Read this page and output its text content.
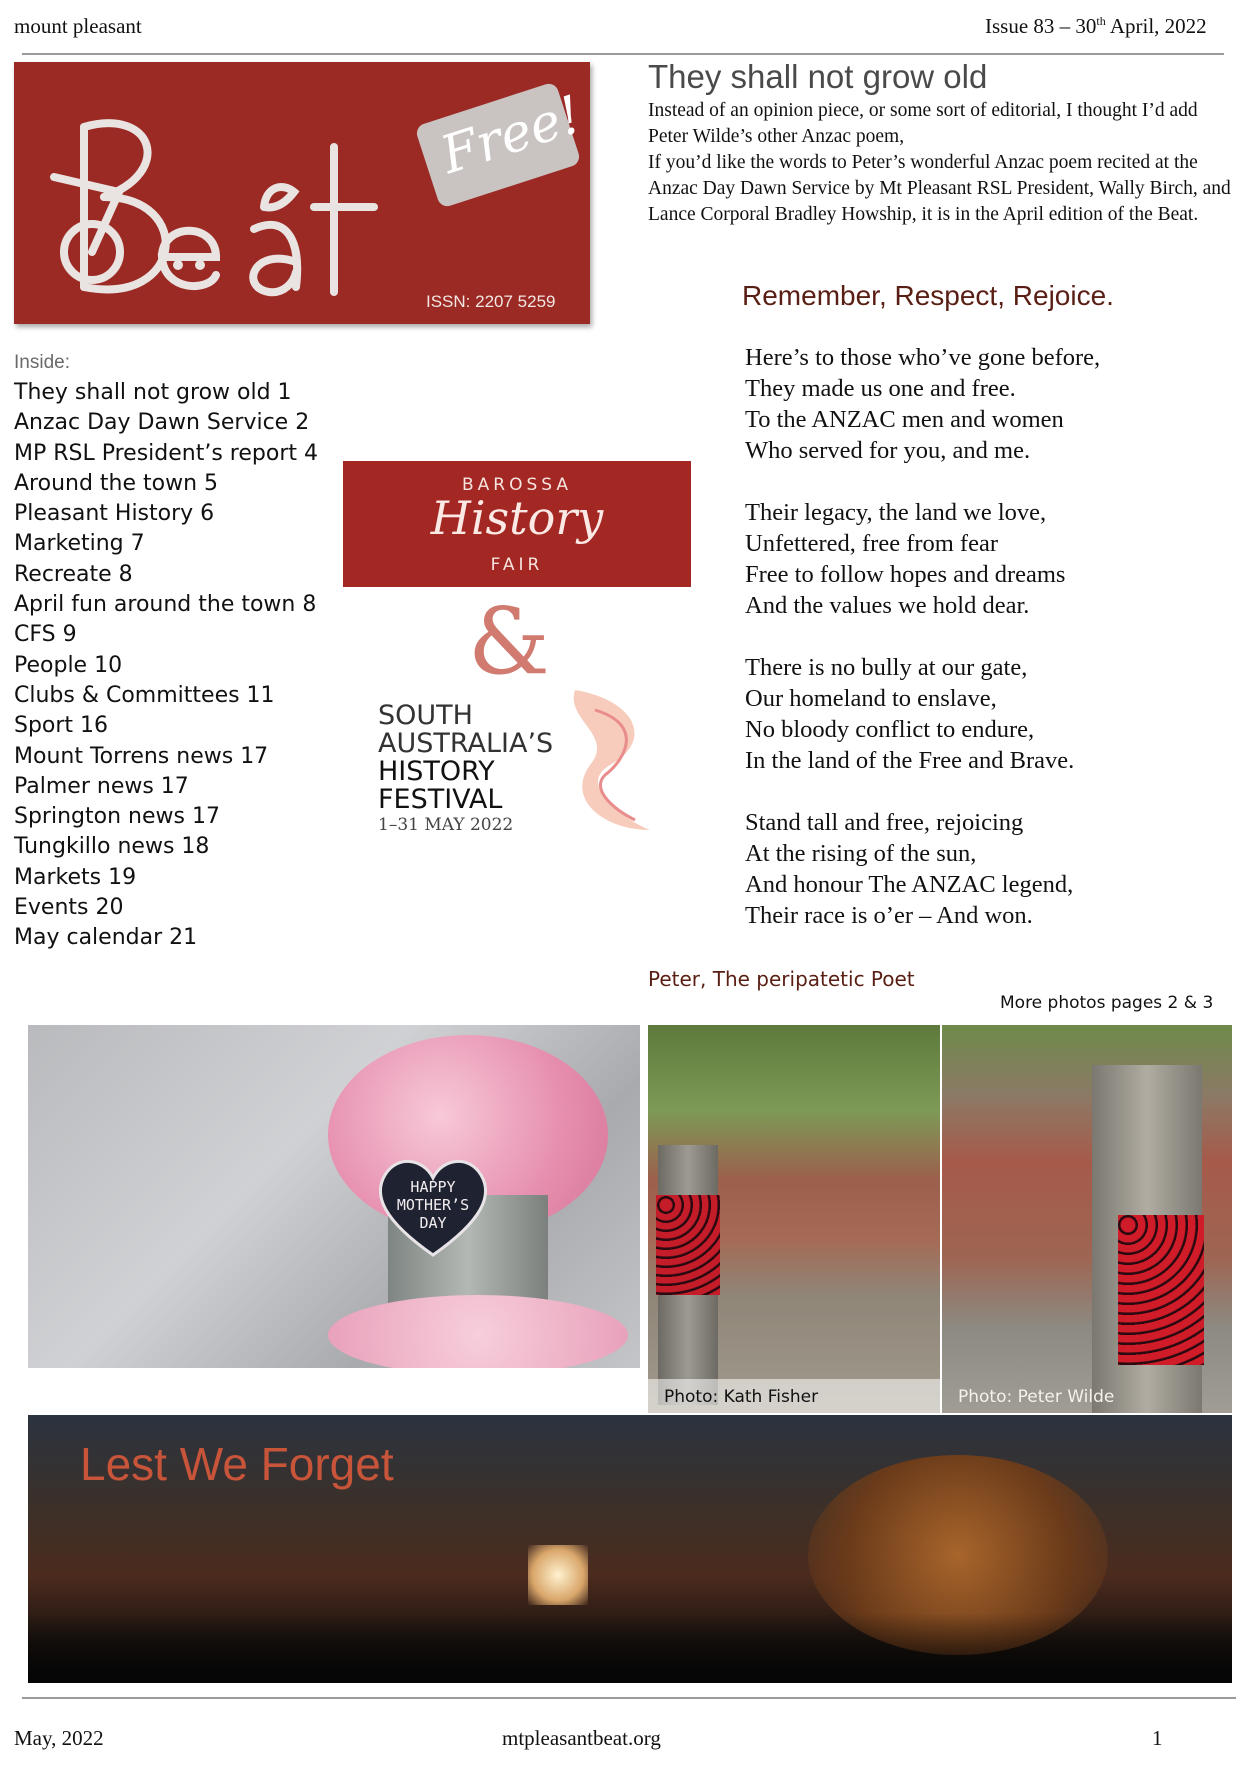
mount pleasant	Issue 83 – 30th April, 2022
Free!
ISSN: 2207 5259
Inside:
They shall not grow old 1
Anzac Day Dawn Service 2
MP RSL President’s report 4
Around the town 5
Pleasant History 6
Marketing 7
Recreate 8
April fun around the town 8
CFS 9
People 10
Clubs & Committees 11
Sport 16
Mount Torrens news 17
Palmer news 17
Springton news 17
Tungkillo news 18
Markets 19
Events 20
May calendar 21
They shall not grow old

Instead of an opinion piece, or some sort of editorial, I thought I’d add Peter Wilde’s other Anzac poem,

If you’d like the words to Peter’s wonderful Anzac poem recited at the Anzac Day Dawn Service by Mt Pleasant RSL President, Wally Birch, and Lance Corporal Bradley Howship, it is in the April edition of the Beat.

Remember, Respect, Rejoice.
Here’s to those who’ve gone before,
They made us one and free.
To the ANZAC men and women
Who served for you, and me.
Their legacy, the land we love,
Unfettered, free from fear
Free to follow hopes and dreams
And the values we hold dear.
There is no bully at our gate,
Our homeland to enslave,
No bloody conflict to endure,
In the land of the Free and Brave.
Stand tall and free, rejoicing
At the rising of the sun,
And honour The ANZAC legend,
Their race is o’er – And won.
Peter, The peripatetic Poet
More photos pages 2 & 3
BAROSSA
History
FAIR
&
SOUTH
AUSTRALIA’S
HISTORY
FESTIVAL
1–31 MAY 2022
HAPPY
MOTHER’S
DAY
Photo: Kath Fisher	Photo: Peter Wilde
Lest We Forget
May, 2022	mtpleasantbeat.org	1
